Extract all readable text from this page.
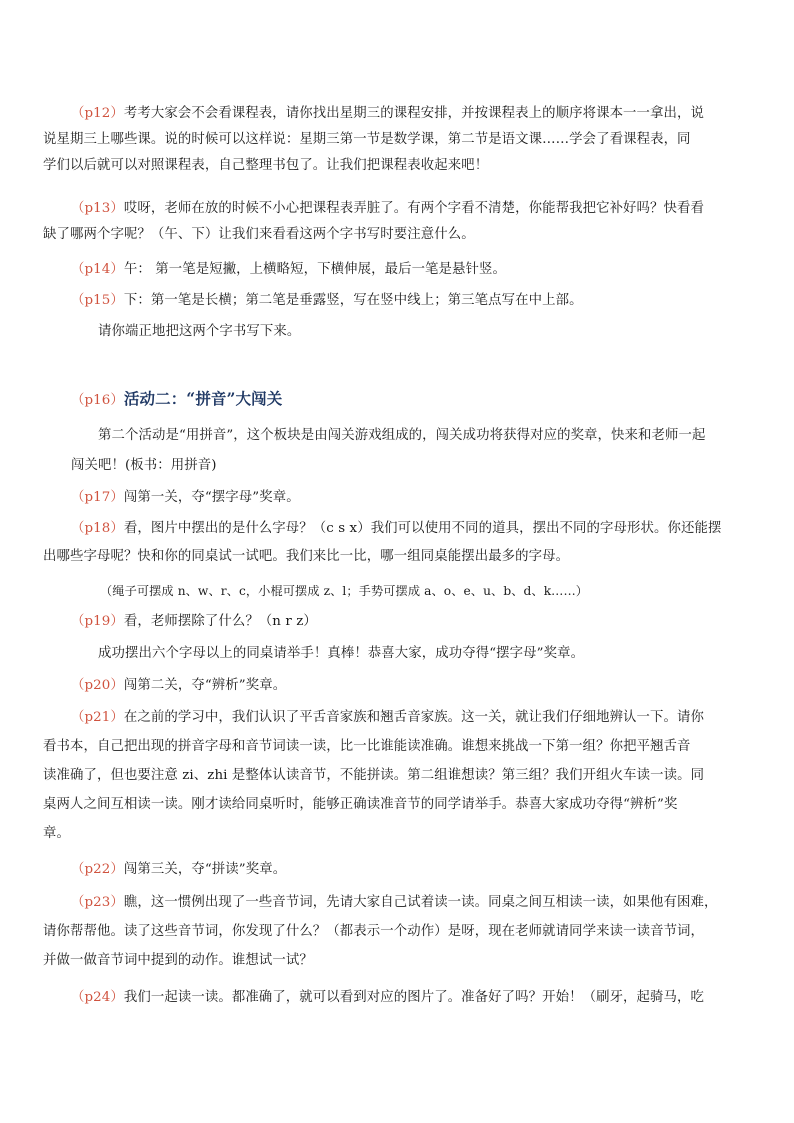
（p12）考考大家会不会看课程表，请你找出星期三的课程安排，并按课程表上的顺序将课本一一拿出，说
说星期三上哪些课。说的时候可以这样说：星期三第一节是数学课，第二节是语文课……学会了看课程表，同
学们以后就可以对照课程表，自己整理书包了。让我们把课程表收起来吧！
（p13）哎呀，老师在放的时候不小心把课程表弄脏了。有两个字看不清楚，你能帮我把它补好吗？快看看
缺了哪两个字呢？（午、下）让我们来看看这两个字书写时要注意什么。
（p14）午： 第一笔是短撇，上横略短，下横伸展，最后一笔是悬针竖。
（p15）下：第一笔是长横；第二笔是垂露竖，写在竖中线上；第三笔点写在中上部。
请你端正地把这两个字书写下来。
（p16）活动二：“拼音”大闯关
第二个活动是“用拼音”，这个板块是由闯关游戏组成的，闯关成功将获得对应的奖章，快来和老师一起
闯关吧！(板书：用拼音)
（p17）闯第一关，夺“摆字母”奖章。
（p18）看，图片中摆出的是什么字母？（c s x）我们可以使用不同的道具，摆出不同的字母形状。你还能摆
出哪些字母呢？快和你的同桌试一试吧。我们来比一比，哪一组同桌能摆出最多的字母。
（绳子可摆成 n、w、r、c，小棍可摆成 z、l；手势可摆成 a、o、e、u、b、d、k……）
（p19）看，老师摆除了什么？（n r z）
成功摆出六个字母以上的同桌请举手！真棒！恭喜大家，成功夺得“摆字母”奖章。
（p20）闯第二关，夺“辨析”奖章。
（p21）在之前的学习中，我们认识了平舌音家族和翘舌音家族。这一关，就让我们仔细地辨认一下。请你
看书本，自己把出现的拼音字母和音节词读一读，比一比谁能读准确。谁想来挑战一下第一组？你把平翘舌音
读准确了，但也要注意 zi、zhi 是整体认读音节，不能拼读。第二组谁想读？第三组？我们开组火车读一读。同
桌两人之间互相读一读。刚才读给同桌听时，能够正确读准音节的同学请举手。恭喜大家成功夺得“辨析”奖
章。
（p22）闯第三关，夺“拼读”奖章。
（p23）瞧，这一惯例出现了一些音节词，先请大家自己试着读一读。同桌之间互相读一读，如果他有困难，
请你帮帮他。读了这些音节词，你发现了什么？（都表示一个动作）是呀，现在老师就请同学来读一读音节词，
并做一做音节词中提到的动作。谁想试一试？
（p24）我们一起读一读。都准确了，就可以看到对应的图片了。准备好了吗？开始！（刷牙，起骑马，吃
